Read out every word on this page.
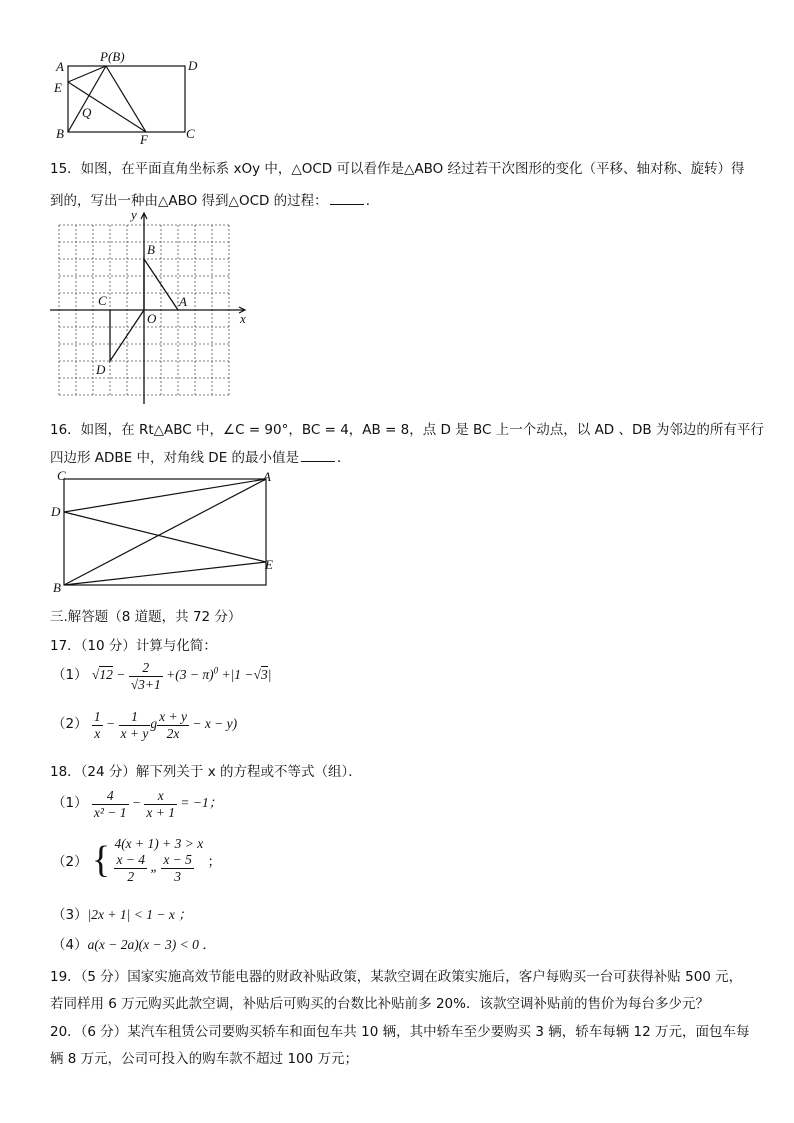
A
P(B)
D
E
Q
B	F	C
15．如图，在平面直角坐标系 xOy 中，△OCD 可以看作是△ABO 经过若干次图形的变化（平移、轴对称、旋转）得
到的，写出一种由△ABO 得到△OCD 的过程：	．
y
x
B
C	A
O
D
16．如图，在 Rt△ABC 中，∠C = 90°，BC = 4，AB = 8，点 D 是 BC 上一个动点，以 AD 、DB 为邻边的所有平行
四边形 ADBE 中，对角线 DE 的最小值是	．
C	A
D
E
B
三.解答题（8 道题，共 72 分）
17．（10 分）计算与化简：
（1） $√12 - \frac{2}{√3+1} +(3 - \pi)^0 +|1 -√3|$
$(2) \frac{1}{x} - \frac{1}{x + y}$ g $\frac{x + y}{2x} - x - y$)
18．（24 分）解下列关于 x 的方程或不等式（组）．
$(1) \frac{4}{\text{x² − 1}} - \frac{x}{x + 1} = -1$；
（2） { 4(x + 1) + 3 > x
$\frac{x - 4}{2}$ „ $\frac{x - 5}{3}$ ；
（3）|2x + 1| < 1 − x ；
（4）a(x − 2a)(x − 3) < 0 ．
19．（5 分）国家实施高效节能电器的财政补贴政策，某款空调在政策实施后，客户每购买一台可获得补贴 500 元，
若同样用 6 万元购买此款空调，补贴后可购买的台数比补贴前多 20%．该款空调补贴前的售价为每台多少元？
20．（6 分）某汽车租赁公司要购买轿车和面包车共 10 辆，其中轿车至少要购买 3 辆，轿车每辆 12 万元，面包车每
辆 8 万元，公司可投入的购车款不超过 100 万元；
